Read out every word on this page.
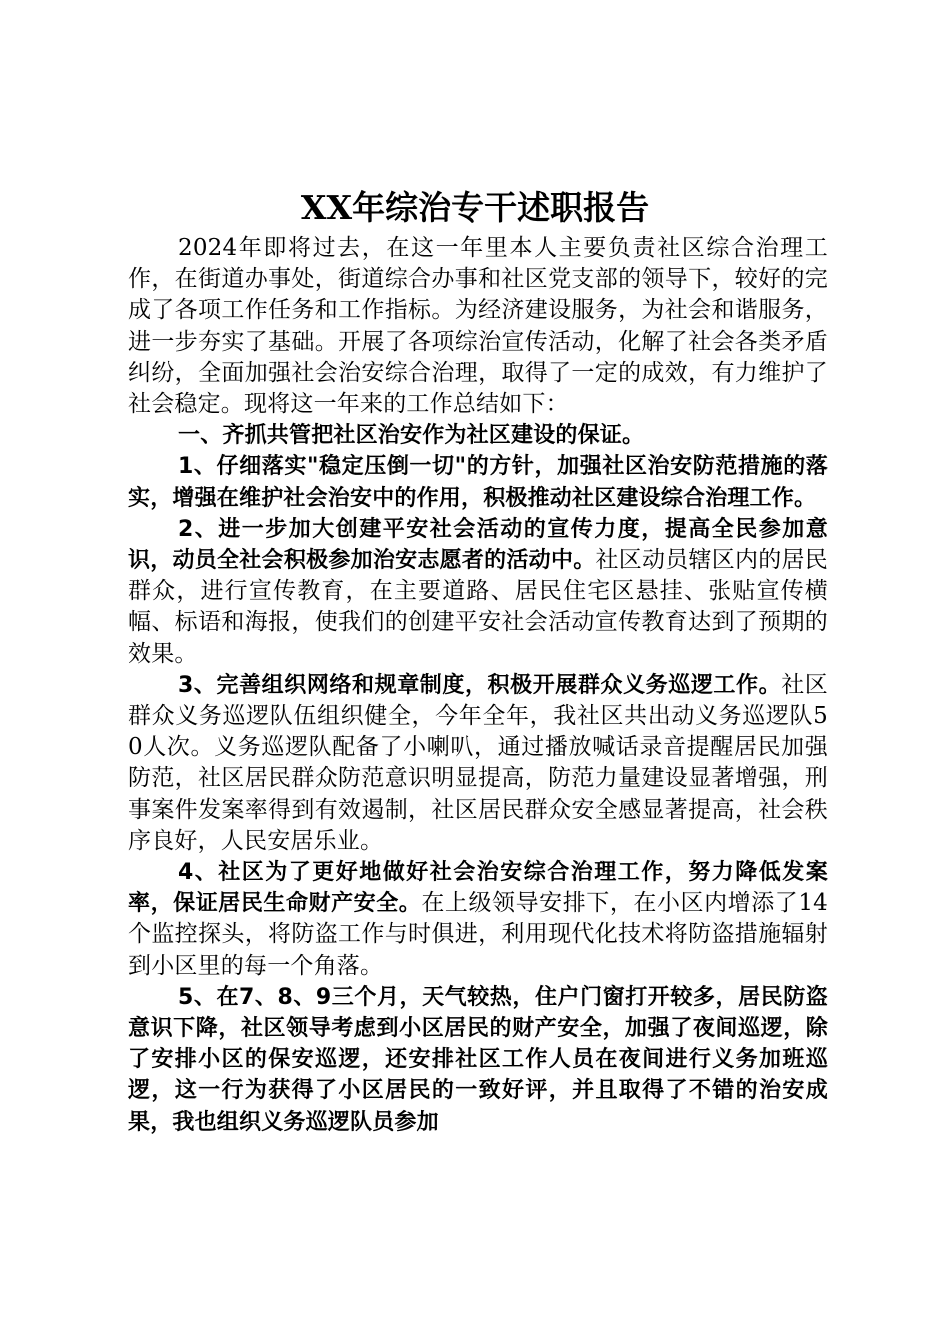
XX年综治专干述职报告

2024年即将过去，在这一年里本人主要负责社区综合治理工作，在街道办事处，街道综合办事和社区党支部的领导下，较好的完成了各项工作任务和工作指标。为经济建设服务，为社会和谐服务，进一步夯实了基础。开展了各项综治宣传活动，化解了社会各类矛盾纠纷，全面加强社会治安综合治理，取得了一定的成效，有力维护了社会稳定。现将这一年来的工作总结如下：

一、齐抓共管把社区治安作为社区建设的保证。

1、仔细落实"稳定压倒一切"的方针，加强社区治安防范措施的落实，增强在维护社会治安中的作用，积极推动社区建设综合治理工作。

2、进一步加大创建平安社会活动的宣传力度，提高全民参加意识，动员全社会积极参加治安志愿者的活动中。社区动员辖区内的居民群众，进行宣传教育，在主要道路、居民住宅区悬挂、张贴宣传横幅、标语和海报，使我们的创建平安社会活动宣传教育达到了预期的效果。

3、完善组织网络和规章制度，积极开展群众义务巡逻工作。社区群众义务巡逻队伍组织健全，今年全年，我社区共出动义务巡逻队50人次。义务巡逻队配备了小喇叭，通过播放喊话录音提醒居民加强防范，社区居民群众防范意识明显提高，防范力量建设显著增强，刑事案件发案率得到有效遏制，社区居民群众安全感显著提高，社会秩序良好，人民安居乐业。

4、社区为了更好地做好社会治安综合治理工作，努力降低发案率，保证居民生命财产安全。在上级领导安排下，在小区内增添了14个监控探头，将防盗工作与时俱进，利用现代化技术将防盗措施辐射到小区里的每一个角落。

5、在7、8、9三个月，天气较热，住户门窗打开较多，居民防盗意识下降，社区领导考虑到小区居民的财产安全，加强了夜间巡逻，除了安排小区的保安巡逻，还安排社区工作人员在夜间进行义务加班巡逻，这一行为获得了小区居民的一致好评，并且取得了不错的治安成果，我也组织义务巡逻队员参加
